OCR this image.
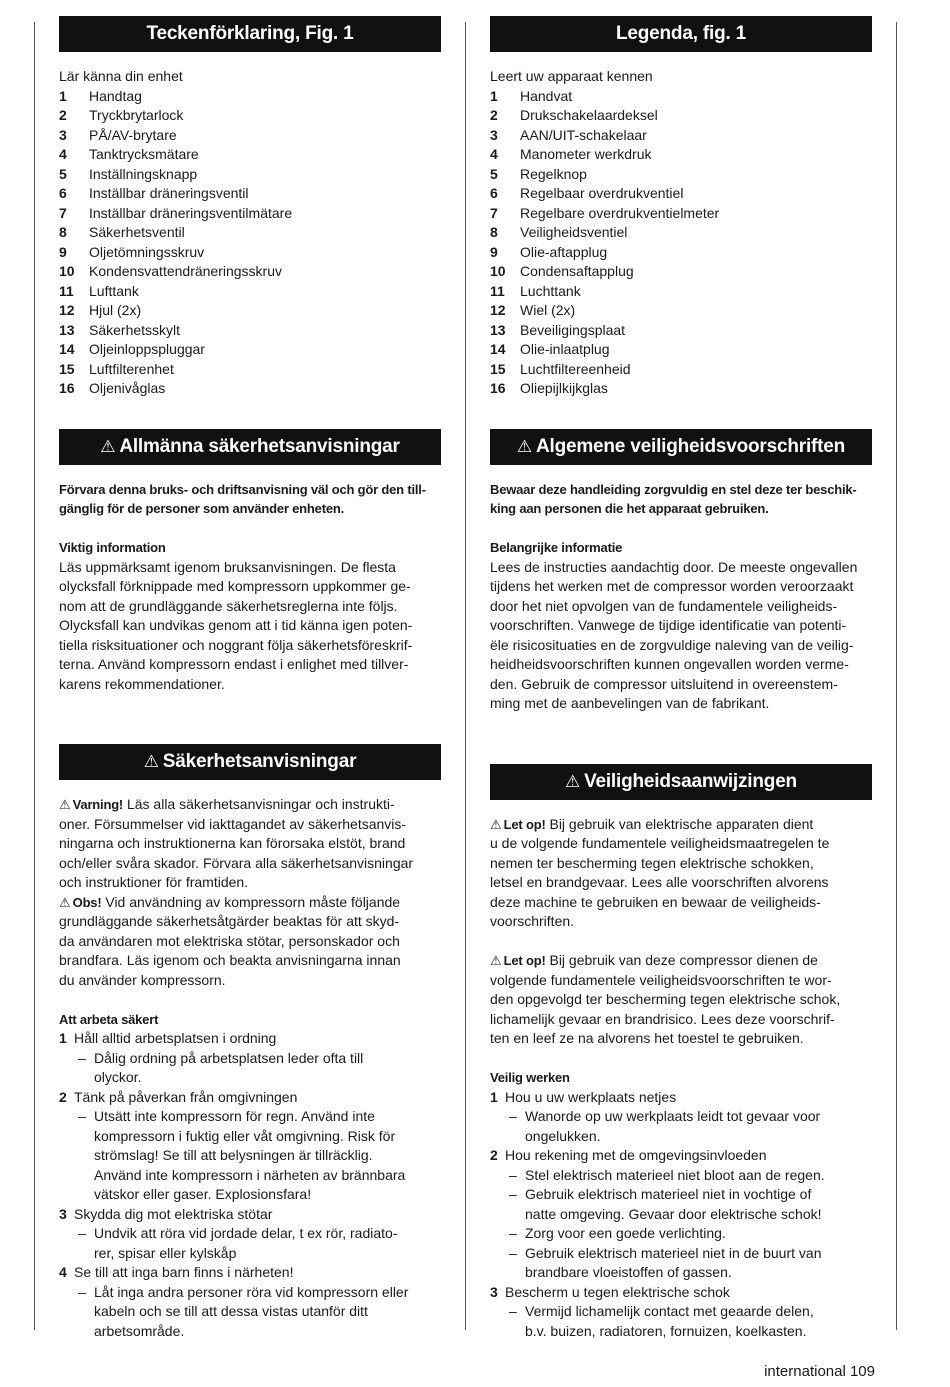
Teckenförklaring, Fig. 1
Lär känna din enhet
1	Handtag
2	Tryckbrytarlock
3	PÅ/AV-brytare
4	Tanktrycksmätare
5	Inställningsknapp
6	Inställbar dräneringsventil
7	Inställbar dräneringsventilmätare
8	Säkerhetsventil
9	Oljetömningsskruv
10	Kondensvattendräneringsskruv
11	Lufttank
12	Hjul (2x)
13	Säkerhetsskylt
14	Oljeinloppspluggar
15	Luftfilterenhet
16	Oljenivåglas
⚠ Allmänna säkerhetsanvisningar
Förvara denna bruks- och driftsanvisning väl och gör den till-
gänglig för de personer som använder enheten.
Viktig information
Läs uppmärksamt igenom bruksanvisningen. De flesta
olycksfall förknippade med kompressorn uppkommer ge-
nom att de grundläggande säkerhetsreglerna inte följs.
Olycksfall kan undvikas genom att i tid känna igen poten-
tiella risksituationer och noggrant följa säkerhetsföreskrif-
terna. Använd kompressorn endast i enlighet med tillver-
karens rekommendationer.
⚠ Säkerhetsanvisningar
⚠ Varning! Läs alla säkerhetsanvisningar och instrukti-
oner. Försummelser vid iakttagandet av säkerhetsanvis-
ningarna och instruktionerna kan förorsaka elstöt, brand
och/eller svåra skador. Förvara alla säkerhetsanvisningar
och instruktioner för framtiden.
⚠ Obs! Vid användning av kompressorn måste följande
grundläggande säkerhetsåtgärder beaktas för att skyd-
da användaren mot elektriska stötar, personskador och
brandfara. Läs igenom och beakta anvisningarna innan
du använder kompressorn.
Att arbeta säkert
1 Håll alltid arbetsplatsen i ordning
– Dålig ordning på arbetsplatsen leder ofta till
olyckor.
2 Tänk på påverkan från omgivningen
– Utsätt inte kompressorn för regn. Använd inte
kompressorn i fuktig eller våt omgivning. Risk för
strömslag! Se till att belysningen är tillräcklig.
Använd inte kompressorn i närheten av brännbara
vätskor eller gaser. Explosionsfara!
3 Skydda dig mot elektriska stötar
– Undvik att röra vid jordade delar, t ex rör, radiato-
rer, spisar eller kylskåp
4 Se till att inga barn finns i närheten!
– Låt inga andra personer röra vid kompressorn eller
kabeln och se till att dessa vistas utanför ditt
arbetsområde.
Legenda, fig. 1
Leert uw apparaat kennen
1	Handvat
2	Drukschakelaardeksel
3	AAN/UIT-schakelaar
4	Manometer werkdruk
5	Regelknop
6	Regelbaar overdrukventiel
7	Regelbare overdrukventielmeter
8	Veiligheidsventiel
9	Olie-aftapplug
10	Condensaftapplug
11	Luchttank
12	Wiel (2x)
13	Beveiligingsplaat
14	Olie-inlaatplug
15	Luchtfiltereenheid
16	Oliepijlkijkglas
⚠ Algemene veiligheidsvoorschriften
Bewaar deze handleiding zorgvuldig en stel deze ter beschik-
king aan personen die het apparaat gebruiken.
Belangrijke informatie
Lees de instructies aandachtig door. De meeste ongevallen
tijdens het werken met de compressor worden veroorzaakt
door het niet opvolgen van de fundamentele veiligheids-
voorschriften. Vanwege de tijdige identificatie van potenti-
ële risicosituaties en de zorgvuldige naleving van de veilig-
heidheidsvoorschriften kunnen ongevallen worden verme-
den. Gebruik de compressor uitsluitend in overeenstem-
ming met de aanbevelingen van de fabrikant.
⚠ Veiligheidsaanwijzingen
⚠ Let op! Bij gebruik van elektrische apparaten dient
u de volgende fundamentele veiligheidsmaatregelen te
nemen ter bescherming tegen elektrische schokken,
letsel en brandgevaar. Lees alle voorschriften alvorens
deze machine te gebruiken en bewaar de veiligheids-
voorschriften.
⚠ Let op! Bij gebruik van deze compressor dienen de
volgende fundamentele veiligheidsvoorschriften te wor-
den opgevolgd ter bescherming tegen elektrische schok,
lichamelijk gevaar en brandrisico. Lees deze voorschrif-
ten en leef ze na alvorens het toestel te gebruiken.
Veilig werken
1 Hou u uw werkplaats netjes
– Wanorde op uw werkplaats leidt tot gevaar voor
ongelukken.
2 Hou rekening met de omgevingsinvloeden
– Stel elektrisch materieel niet bloot aan de regen.
– Gebruik elektrisch materieel niet in vochtige of
natte omgeving. Gevaar door elektrische schok!
– Zorg voor een goede verlichting.
– Gebruik elektrisch materieel niet in de buurt van
brandbare vloeistoffen of gassen.
3 Bescherm u tegen elektrische schok
– Vermijd lichamelijk contact met geaarde delen,
b.v. buizen, radiatoren, fornuizen, koelkasten.
international 109
